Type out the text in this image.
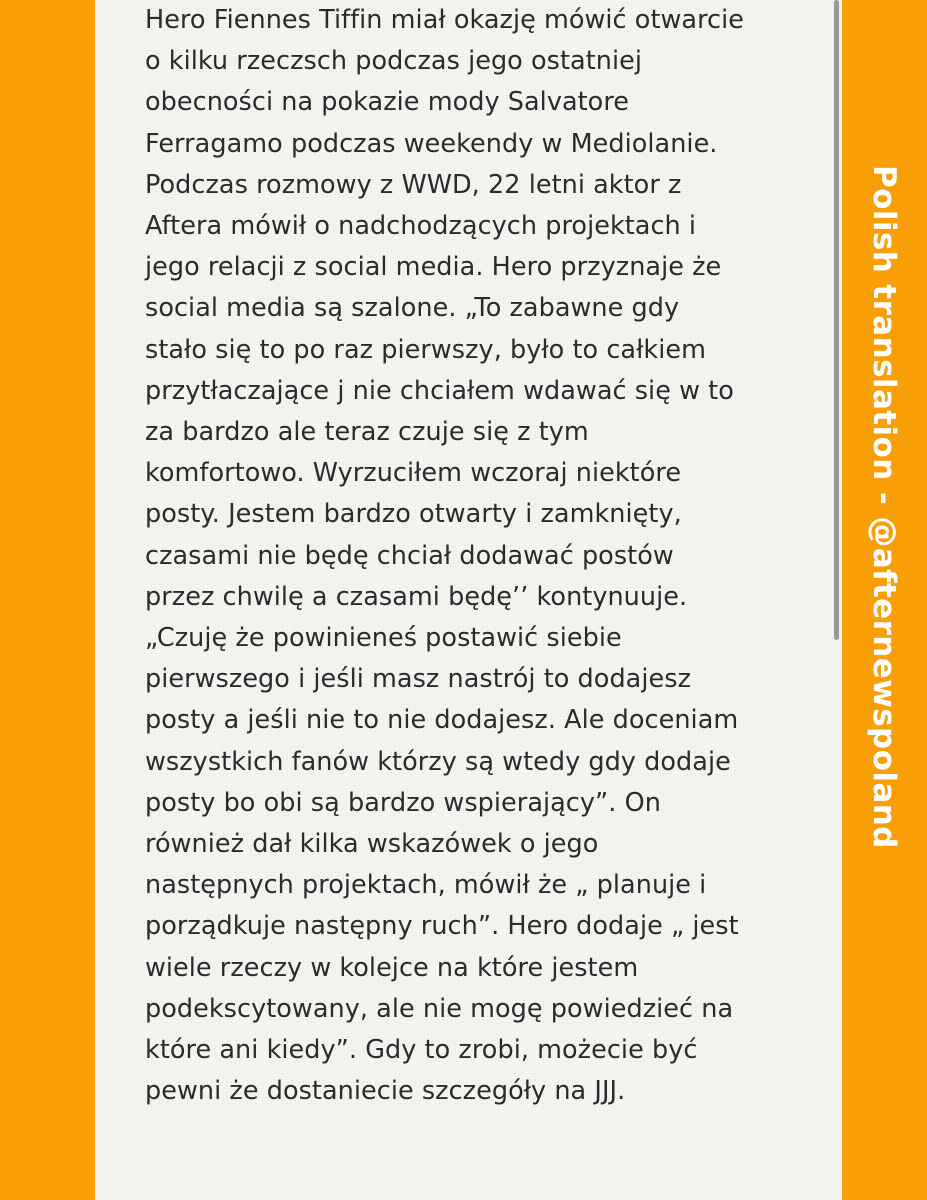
Hero Fiennes Tiffin miał okazję mówić otwarcie
o kilku rzeczsch podczas jego ostatniej
obecności na pokazie mody Salvatore
Ferragamo podczas weekendy w Mediolanie.
Podczas rozmowy z WWD, 22 letni aktor z
Aftera mówił o nadchodzących projektach i
jego relacji z social media. Hero przyznaje że
social media są szalone. „To zabawne gdy
stało się to po raz pierwszy, było to całkiem
przytłaczające j nie chciałem wdawać się w to
za bardzo ale teraz czuje się z tym
komfortowo. Wyrzuciłem wczoraj niektóre
posty. Jestem bardzo otwarty i zamknięty,
czasami nie będę chciał dodawać postów
przez chwilę a czasami będę’’ kontynuuje.
„Czuję że powinieneś postawić siebie
pierwszego i jeśli masz nastrój to dodajesz
posty a jeśli nie to nie dodajesz. Ale doceniam
wszystkich fanów którzy są wtedy gdy dodaje
posty bo obi są bardzo wspierający”. On
również dał kilka wskazówek o jego
następnych projektach, mówił że „ planuje i
porządkuje następny ruch”. Hero dodaje „ jest
wiele rzeczy w kolejce na które jestem
podekscytowany, ale nie mogę powiedzieć na
które ani kiedy”. Gdy to zrobi, możecie być
pewni że dostaniecie szczegóły na JJJ.
Polish translation - @afternewspoland
